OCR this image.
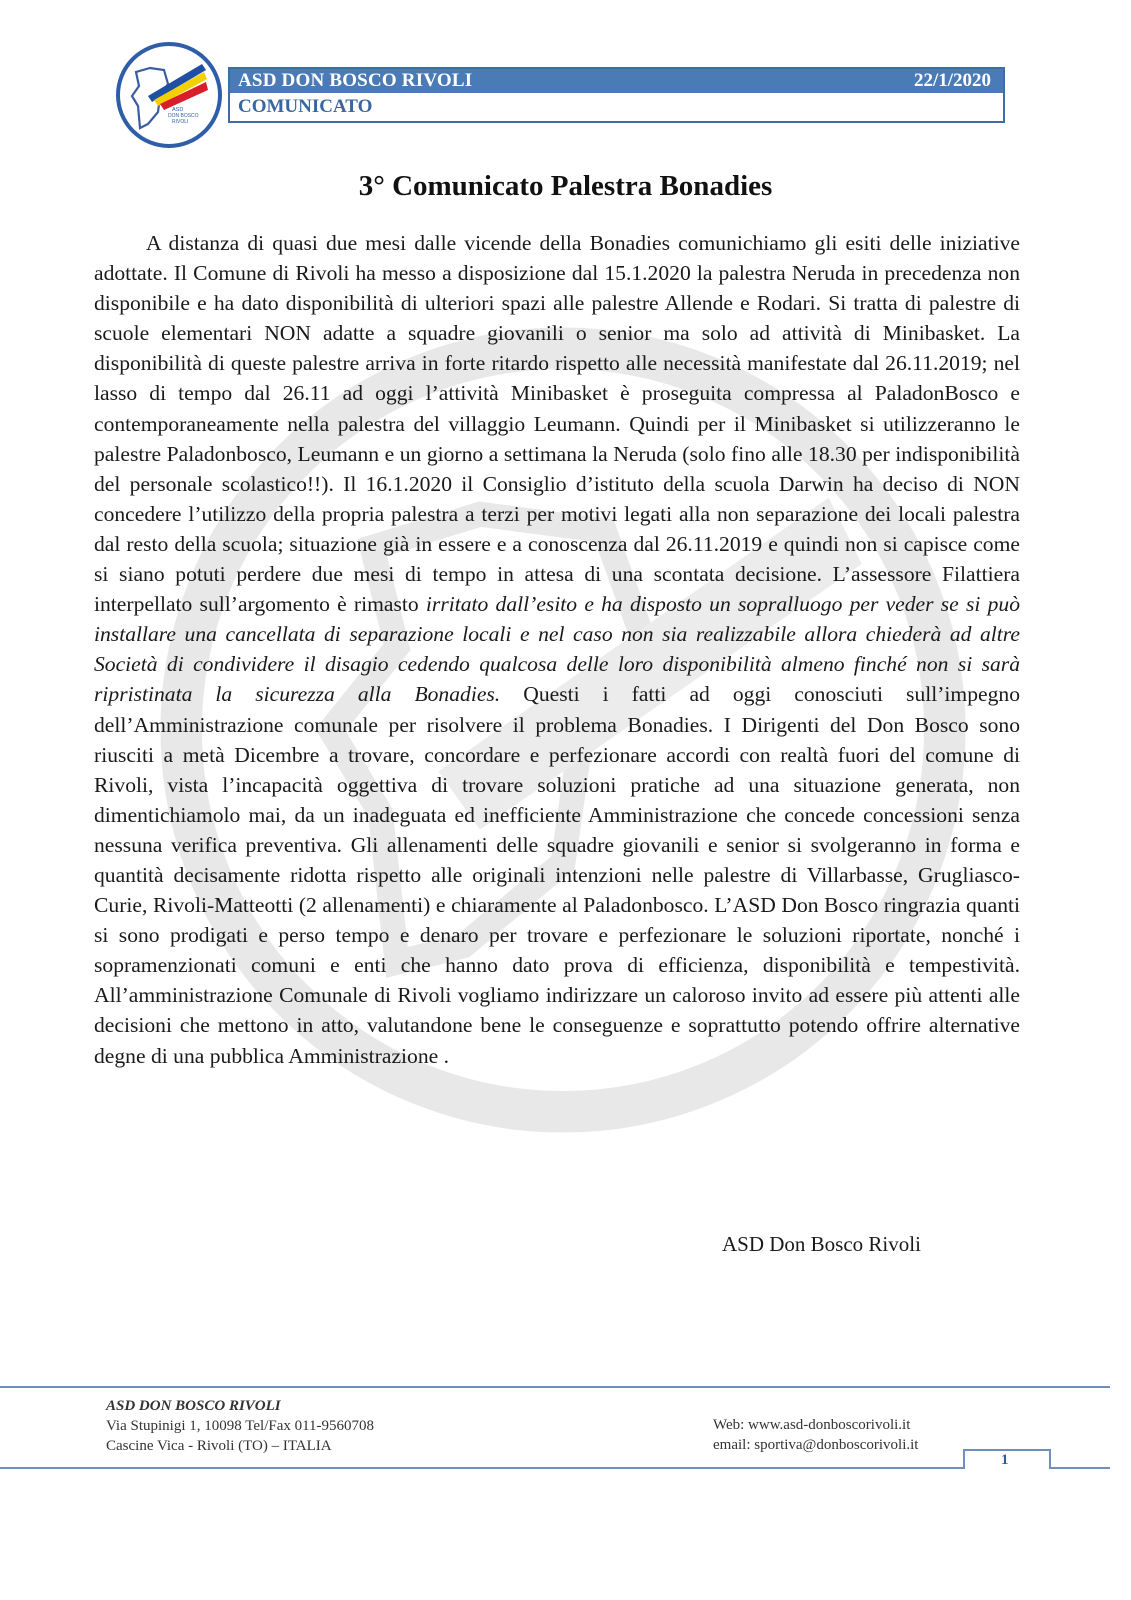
ASD
DON BOSCO
RIVOLI
ASD DON BOSCO RIVOLI	22/1/2020
COMUNICATO
3° Comunicato Palestra Bonadies

A distanza di quasi due mesi dalle vicende della Bonadies comunichiamo gli esiti delle iniziative adottate. Il Comune di Rivoli ha messo a disposizione dal 15.1.2020 la palestra Neruda in precedenza non disponibile e ha dato disponibilità di ulteriori spazi alle palestre Allende e Rodari. Si tratta di palestre di scuole elementari NON adatte a squadre giovanili o senior ma solo ad attività di Minibasket. La disponibilità di queste palestre arriva in forte ritardo rispetto alle necessità manifestate dal 26.11.2019; nel lasso di tempo dal 26.11 ad oggi l’attività Minibasket è proseguita compressa al PaladonBosco e contemporaneamente nella palestra del villaggio Leumann. Quindi per il Minibasket si utilizzeranno le palestre Paladonbosco, Leumann e un giorno a settimana la Neruda (solo fino alle 18.30 per indisponibilità del personale scolastico!!). Il 16.1.2020 il Consiglio d’istituto della scuola Darwin ha deciso di NON concedere l’utilizzo della propria palestra a terzi per motivi legati alla non separazione dei locali palestra dal resto della scuola; situazione già in essere e a conoscenza dal 26.11.2019 e quindi non si capisce come si siano potuti perdere due mesi di tempo in attesa di una scontata decisione. L’assessore Filattiera interpellato sull’argomento è rimasto irritato dall’esito e ha disposto un sopralluogo per veder se si può installare una cancellata di separazione locali e nel caso non sia realizzabile allora chiederà ad altre Società di condividere il disagio cedendo qualcosa delle loro disponibilità almeno finché non si sarà ripristinata la sicurezza alla Bonadies. Questi i fatti ad oggi conosciuti sull’impegno dell’Amministrazione comunale per risolvere il problema Bonadies. I Dirigenti del Don Bosco sono riusciti a metà Dicembre a trovare, concordare e perfezionare accordi con realtà fuori del comune di Rivoli, vista l’incapacità oggettiva di trovare soluzioni pratiche ad una situazione generata, non dimentichiamolo mai, da un inadeguata ed inefficiente Amministrazione che concede concessioni senza nessuna verifica preventiva. Gli allenamenti delle squadre giovanili e senior si svolgeranno in forma e quantità decisamente ridotta rispetto alle originali intenzioni nelle palestre di Villarbasse, Grugliasco-Curie, Rivoli-Matteotti (2 allenamenti) e chiaramente al Paladonbosco. L’ASD Don Bosco ringrazia quanti si sono prodigati e perso tempo e denaro per trovare e perfezionare le soluzioni riportate, nonché i sopramenzionati comuni e enti che hanno dato prova di efficienza, disponibilità e tempestività. All’amministrazione Comunale di Rivoli vogliamo indirizzare un caloroso invito ad essere più attenti alle decisioni che mettono in atto, valutandone bene le conseguenze e soprattutto potendo offrire alternative degne di una pubblica Amministrazione .

ASD Don Bosco Rivoli
ASD DON BOSCO RIVOLI
Via Stupinigi 1, 10098 Tel/Fax 011-9560708
Cascine Vica - Rivoli (TO) – ITALIA
Web: www.asd-donboscorivoli.it
email: sportiva@donboscorivoli.it
1
